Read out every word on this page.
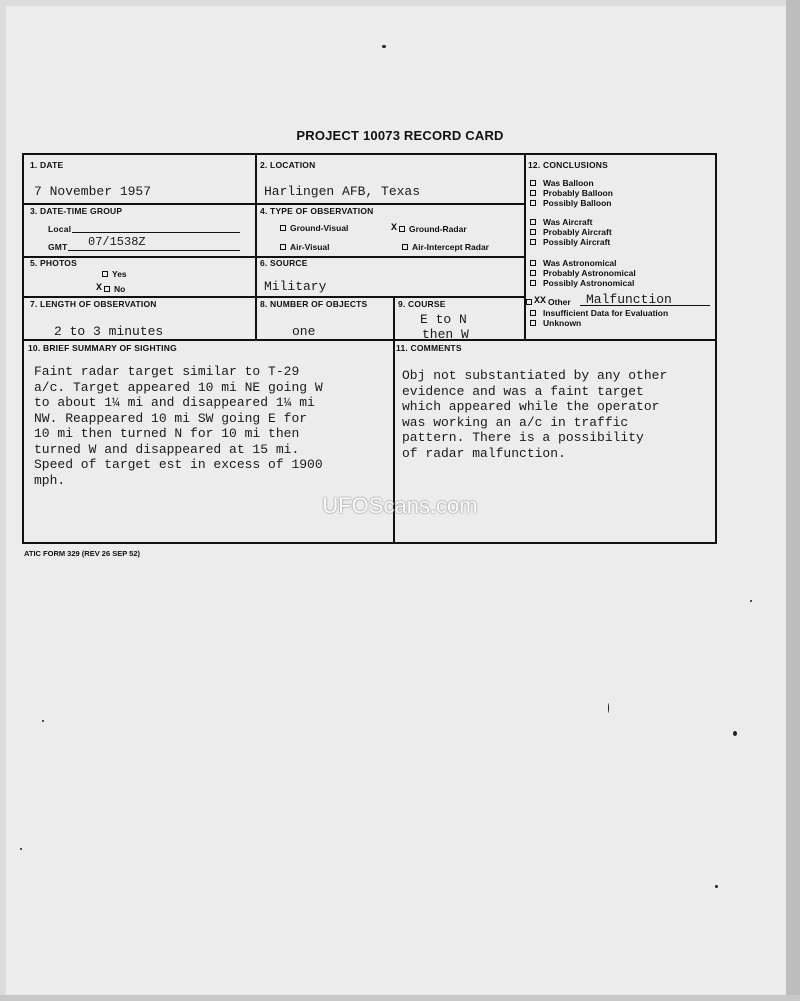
PROJECT 10073 RECORD CARD
1. DATE
7 November 1957
2. LOCATION
Harlingen AFB, Texas
3. DATE-TIME GROUP
Local
GMT 07/1538Z
4. TYPE OF OBSERVATION
Ground-Visual	X Ground-Radar
Air-Visual	Air-Intercept Radar
5. PHOTOS
Yes
X No
6. SOURCE
Military
7. LENGTH OF OBSERVATION
2 to 3 minutes
8. NUMBER OF OBJECTS
one
9. COURSE
E to N
then W
10. BRIEF SUMMARY OF SIGHTING
Faint radar target similar to T-29
a/c. Target appeared 10 mi NE going W
to about 1¼ mi and disappeared 1¼ mi
NW. Reappeared 10 mi SW going E for
10 mi then turned N for 10 mi then
turned W and disappeared at 15 mi.
Speed of target est in excess of 1900
mph.
11. COMMENTS
Obj not substantiated by any other
evidence and was a faint target
which appeared while the operator
was working an a/c in traffic
pattern. There is a possibility
of radar malfunction.
12. CONCLUSIONS
Was Balloon
Probably Balloon
Possibly Balloon
Was Aircraft
Probably Aircraft
Possibly Aircraft
Was Astronomical
Probably Astronomical
Possibly Astronomical
X X Other Malfunction
Insufficient Data for Evaluation
Unknown
ATIC FORM 329 (REV 26 SEP 52)
UFOScans.com
